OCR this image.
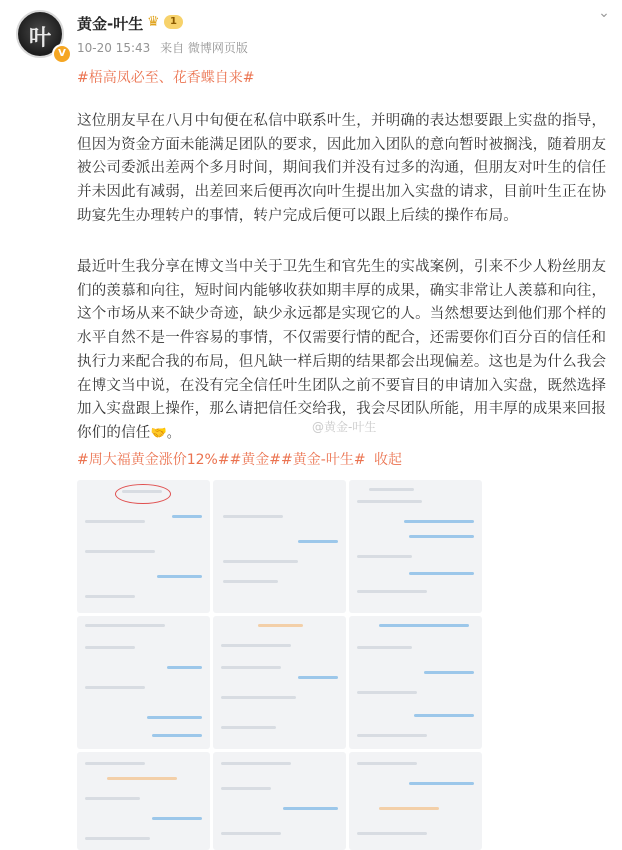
叶
V
黄金-叶生 ♛	1
10-20 15:43 来自 微博网页版
⌄
#梧高凤必至、花香蝶自来#
这位朋友早在八月中旬便在私信中联系叶生，并明确的表达想要跟上实盘的指导，但因为资金方面未能满足团队的要求，因此加入团队的意向暂时被搁浅，随着朋友被公司委派出差两个多月时间，期间我们并没有过多的沟通，但朋友对叶生的信任并未因此有减弱，出差回来后便再次向叶生提出加入实盘的请求，目前叶生正在协助宴先生办理转户的事情，转户完成后便可以跟上后续的操作布局。
最近叶生我分享在博文当中关于卫先生和官先生的实战案例，引来不少人粉丝朋友们的羡慕和向往，短时间内能够收获如期丰厚的成果，确实非常让人羡慕和向往，这个市场从来不缺少奇迹，缺少永远都是实现它的人。当然想要达到他们那个样的水平自然不是一件容易的事情，不仅需要行情的配合，还需要你们百分百的信任和执行力来配合我的布局，但凡缺一样后期的结果都会出现偏差。这也是为什么我会在博文当中说，在没有完全信任叶生团队之前不要盲目的申请加入实盘，既然选择加入实盘跟上操作，那么请把信任交给我，我会尽团队所能，用丰厚的成果来回报你们的信任🤝。	@黄金-叶生
#周大福黄金涨价12%##黄金##黄金-叶生# 收起
